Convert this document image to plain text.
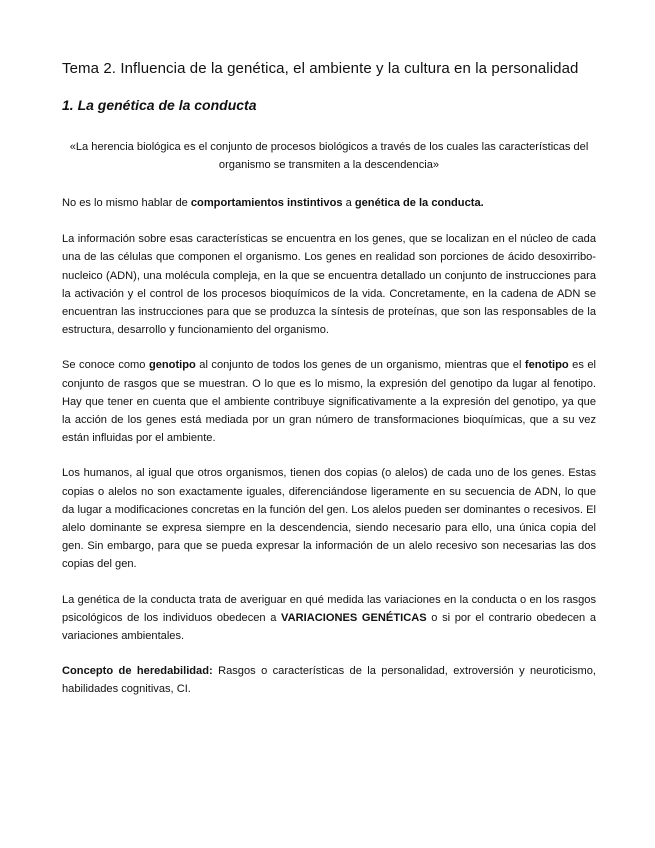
Tema 2. Influencia de la genética, el ambiente y la cultura en la personalidad
1. La genética de la conducta
«La herencia biológica es el conjunto de procesos biológicos a través de los cuales las características del organismo se transmiten a la descendencia»

No es lo mismo hablar de comportamientos instintivos a genética de la conducta.

La información sobre esas características se encuentra en los genes, que se localizan en el núcleo de cada una de las células que componen el organismo. Los genes en realidad son porciones de ácido desoxirribo-nucleico (ADN), una molécula compleja, en la que se encuentra detallado un conjunto de instrucciones para la activación y el control de los procesos bioquímicos de la vida. Concretamente, en la cadena de ADN se encuentran las instrucciones para que se produzca la síntesis de proteínas, que son las responsables de la estructura, desarrollo y funcionamiento del organismo.

Se conoce como genotipo al conjunto de todos los genes de un organismo, mientras que el fenotipo es el conjunto de rasgos que se muestran. O lo que es lo mismo, la expresión del genotipo da lugar al fenotipo. Hay que tener en cuenta que el ambiente contribuye significativamente a la expresión del genotipo, ya que la acción de los genes está mediada por un gran número de transformaciones bioquímicas, que a su vez están influidas por el ambiente.

Los humanos, al igual que otros organismos, tienen dos copias (o alelos) de cada uno de los genes. Estas copias o alelos no son exactamente iguales, diferenciándose ligeramente en su secuencia de ADN, lo que da lugar a modificaciones concretas en la función del gen. Los alelos pueden ser dominantes o recesivos. El alelo dominante se expresa siempre en la descendencia, siendo necesario para ello, una única copia del gen. Sin embargo, para que se pueda expresar la información de un alelo recesivo son necesarias las dos copias del gen.

La genética de la conducta trata de averiguar en qué medida las variaciones en la conducta o en los rasgos psicológicos de los individuos obedecen a VARIACIONES GENÉTICAS o si por el contrario obedecen a variaciones ambientales.

Concepto de heredabilidad: Rasgos o características de la personalidad, extroversión y neuroticismo, habilidades cognitivas, CI.
